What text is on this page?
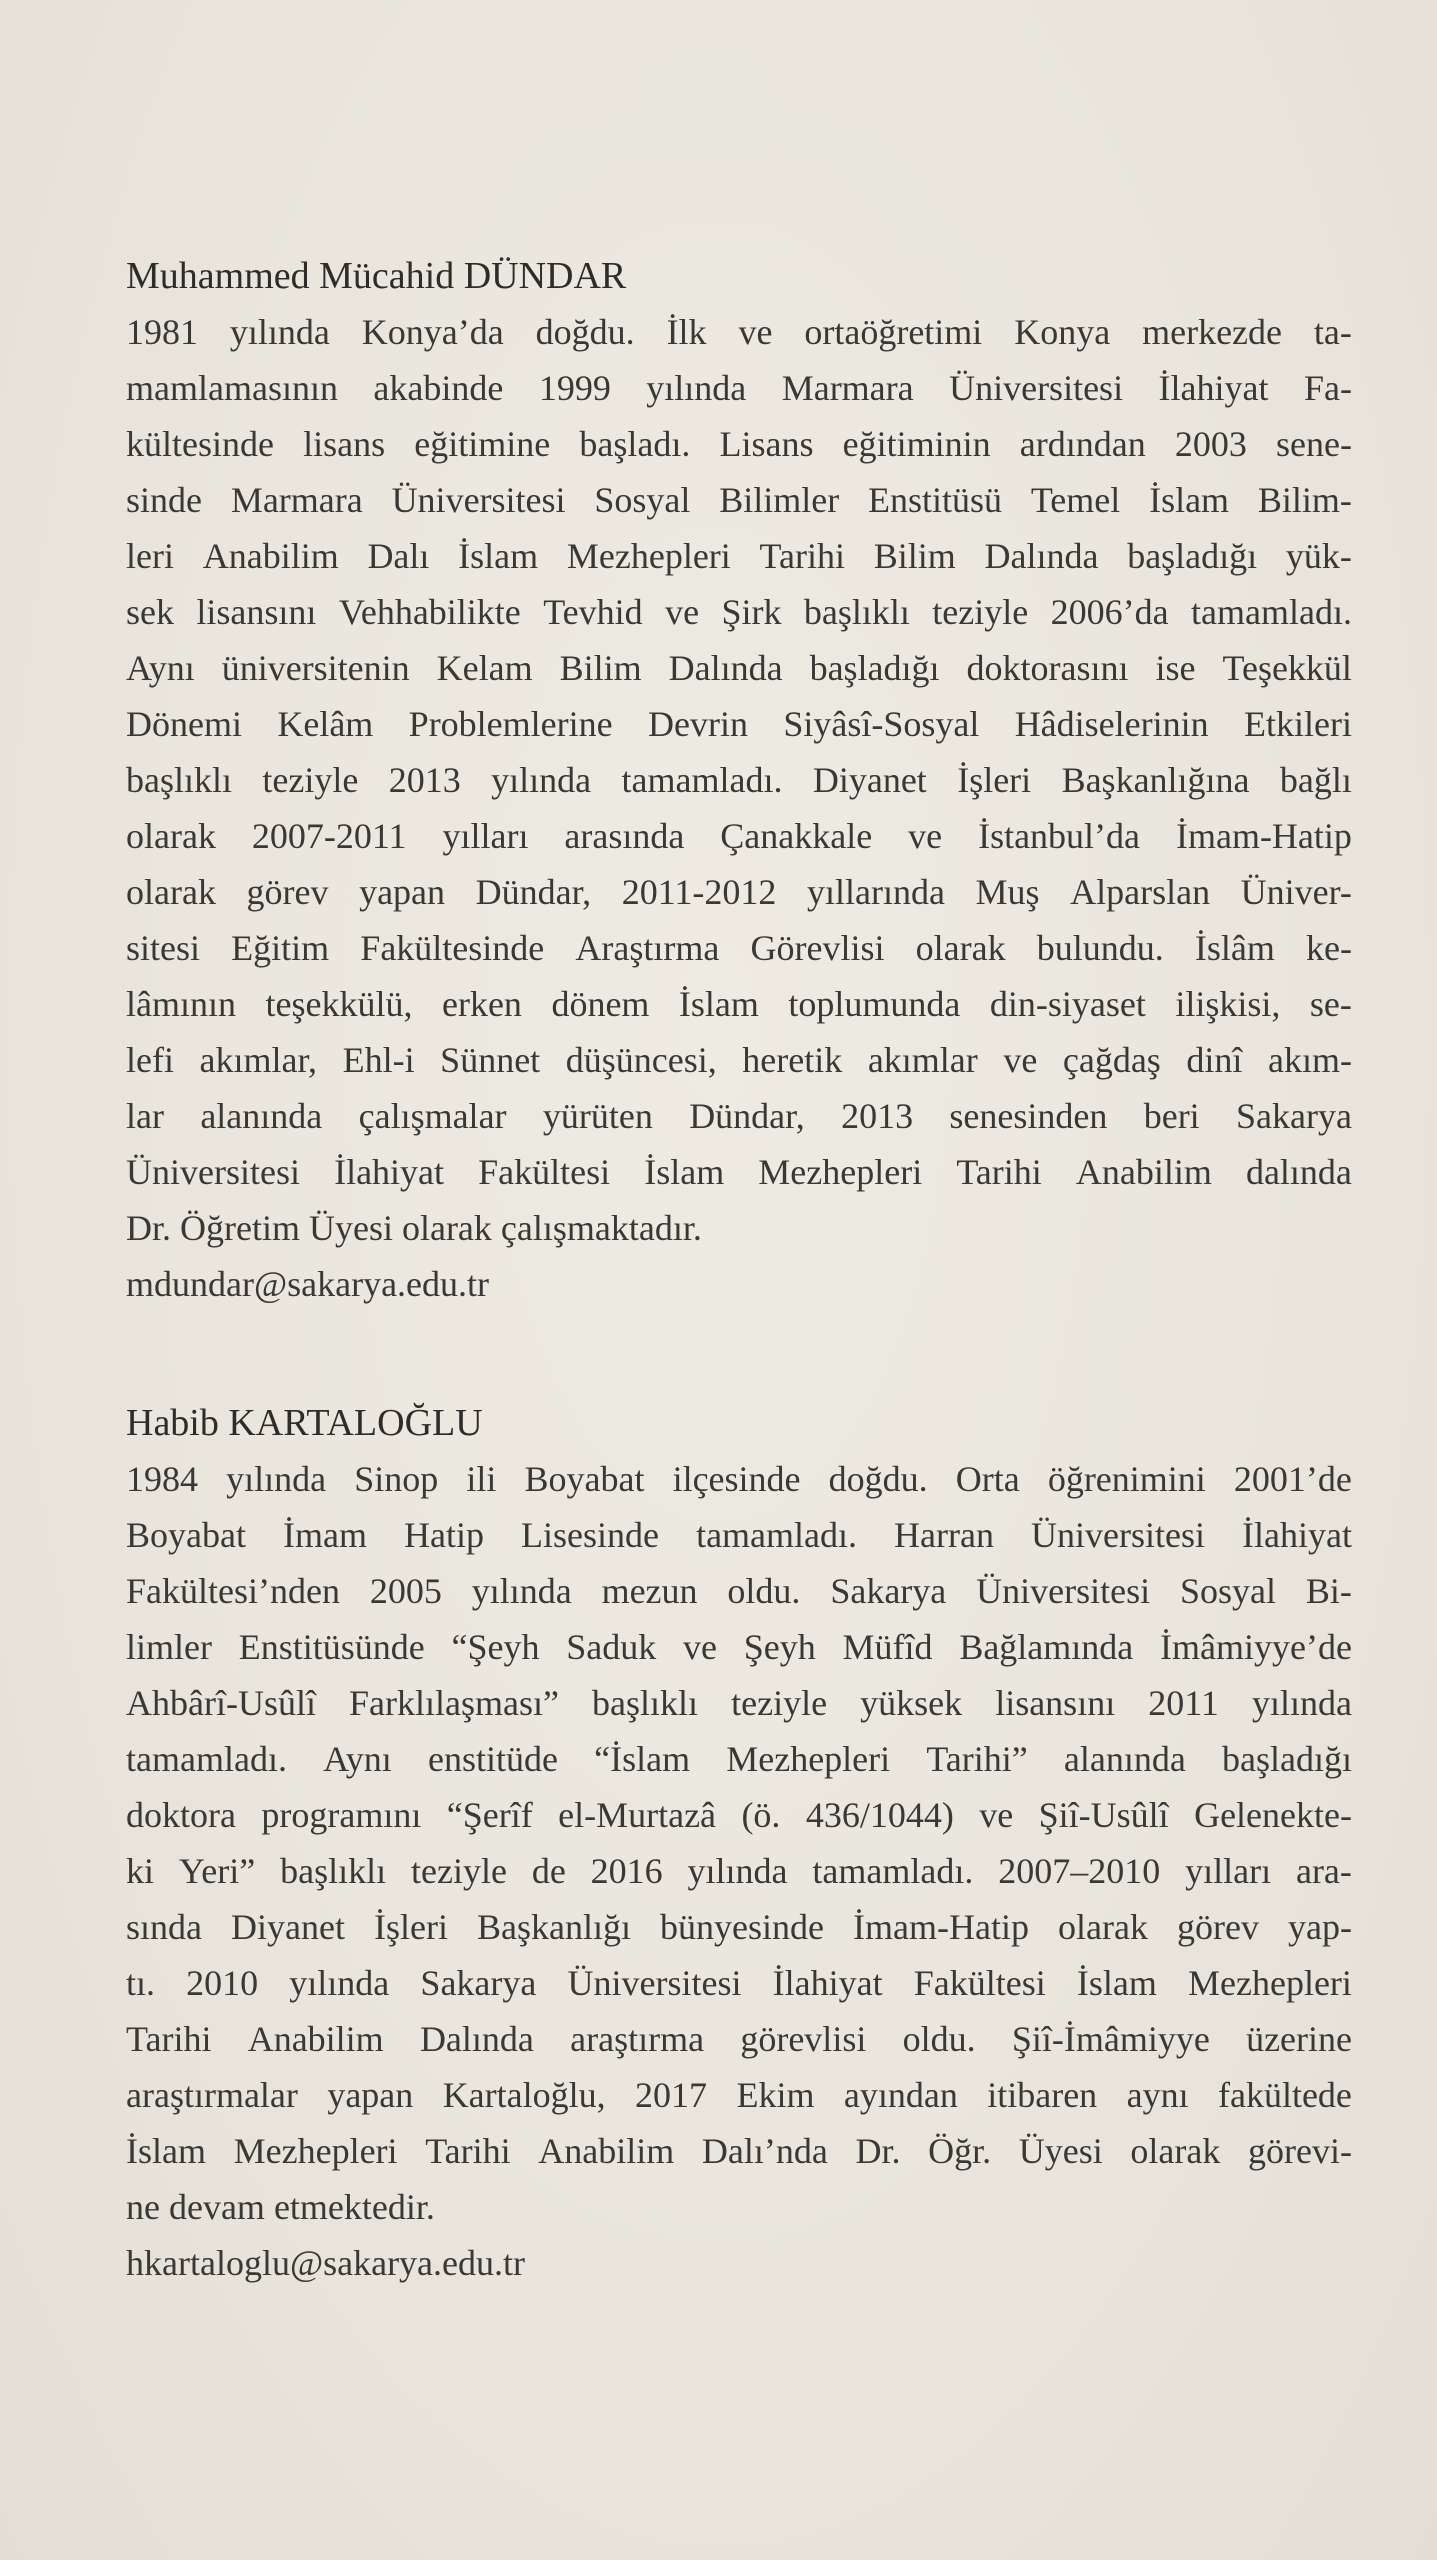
Muhammed Mücahid DÜNDAR
1981 yılında Konya’da doğdu. İlk ve ortaöğretimi Konya merkezde ta-
mamlamasının akabinde 1999 yılında Marmara Üniversitesi İlahiyat Fa-
kültesinde lisans eğitimine başladı. Lisans eğitiminin ardından 2003 sene-
sinde Marmara Üniversitesi Sosyal Bilimler Enstitüsü Temel İslam Bilim-
leri Anabilim Dalı İslam Mezhepleri Tarihi Bilim Dalında başladığı yük-
sek lisansını Vehhabilikte Tevhid ve Şirk başlıklı teziyle 2006’da tamamladı.
Aynı üniversitenin Kelam Bilim Dalında başladığı doktorasını ise Teşekkül
Dönemi Kelâm Problemlerine Devrin Siyâsî-Sosyal Hâdiselerinin Etkileri
başlıklı teziyle 2013 yılında tamamladı. Diyanet İşleri Başkanlığına bağlı
olarak 2007-2011 yılları arasında Çanakkale ve İstanbul’da İmam-Hatip
olarak görev yapan Dündar, 2011-2012 yıllarında Muş Alparslan Üniver-
sitesi Eğitim Fakültesinde Araştırma Görevlisi olarak bulundu. İslâm ke-
lâmının teşekkülü, erken dönem İslam toplumunda din-siyaset ilişkisi, se-
lefi akımlar, Ehl-i Sünnet düşüncesi, heretik akımlar ve çağdaş dinî akım-
lar alanında çalışmalar yürüten Dündar, 2013 senesinden beri Sakarya
Üniversitesi İlahiyat Fakültesi İslam Mezhepleri Tarihi Anabilim dalında
Dr. Öğretim Üyesi olarak çalışmaktadır.
mdundar@sakarya.edu.tr
Habib KARTALOĞLU
1984 yılında Sinop ili Boyabat ilçesinde doğdu. Orta öğrenimini 2001’de
Boyabat İmam Hatip Lisesinde tamamladı. Harran Üniversitesi İlahiyat
Fakültesi’nden 2005 yılında mezun oldu. Sakarya Üniversitesi Sosyal Bi-
limler Enstitüsünde “Şeyh Saduk ve Şeyh Müfîd Bağlamında İmâmiyye’de
Ahbârî-Usûlî Farklılaşması” başlıklı teziyle yüksek lisansını 2011 yılında
tamamladı. Aynı enstitüde “İslam Mezhepleri Tarihi” alanında başladığı
doktora programını “Şerîf el-Murtazâ (ö. 436/1044) ve Şiî-Usûlî Gelenekte-
ki Yeri” başlıklı teziyle de 2016 yılında tamamladı. 2007–2010 yılları ara-
sında Diyanet İşleri Başkanlığı bünyesinde İmam-Hatip olarak görev yap-
tı. 2010 yılında Sakarya Üniversitesi İlahiyat Fakültesi İslam Mezhepleri
Tarihi Anabilim Dalında araştırma görevlisi oldu. Şiî-İmâmiyye üzerine
araştırmalar yapan Kartaloğlu, 2017 Ekim ayından itibaren aynı fakültede
İslam Mezhepleri Tarihi Anabilim Dalı’nda Dr. Öğr. Üyesi olarak görevi-
ne devam etmektedir.
hkartaloglu@sakarya.edu.tr
